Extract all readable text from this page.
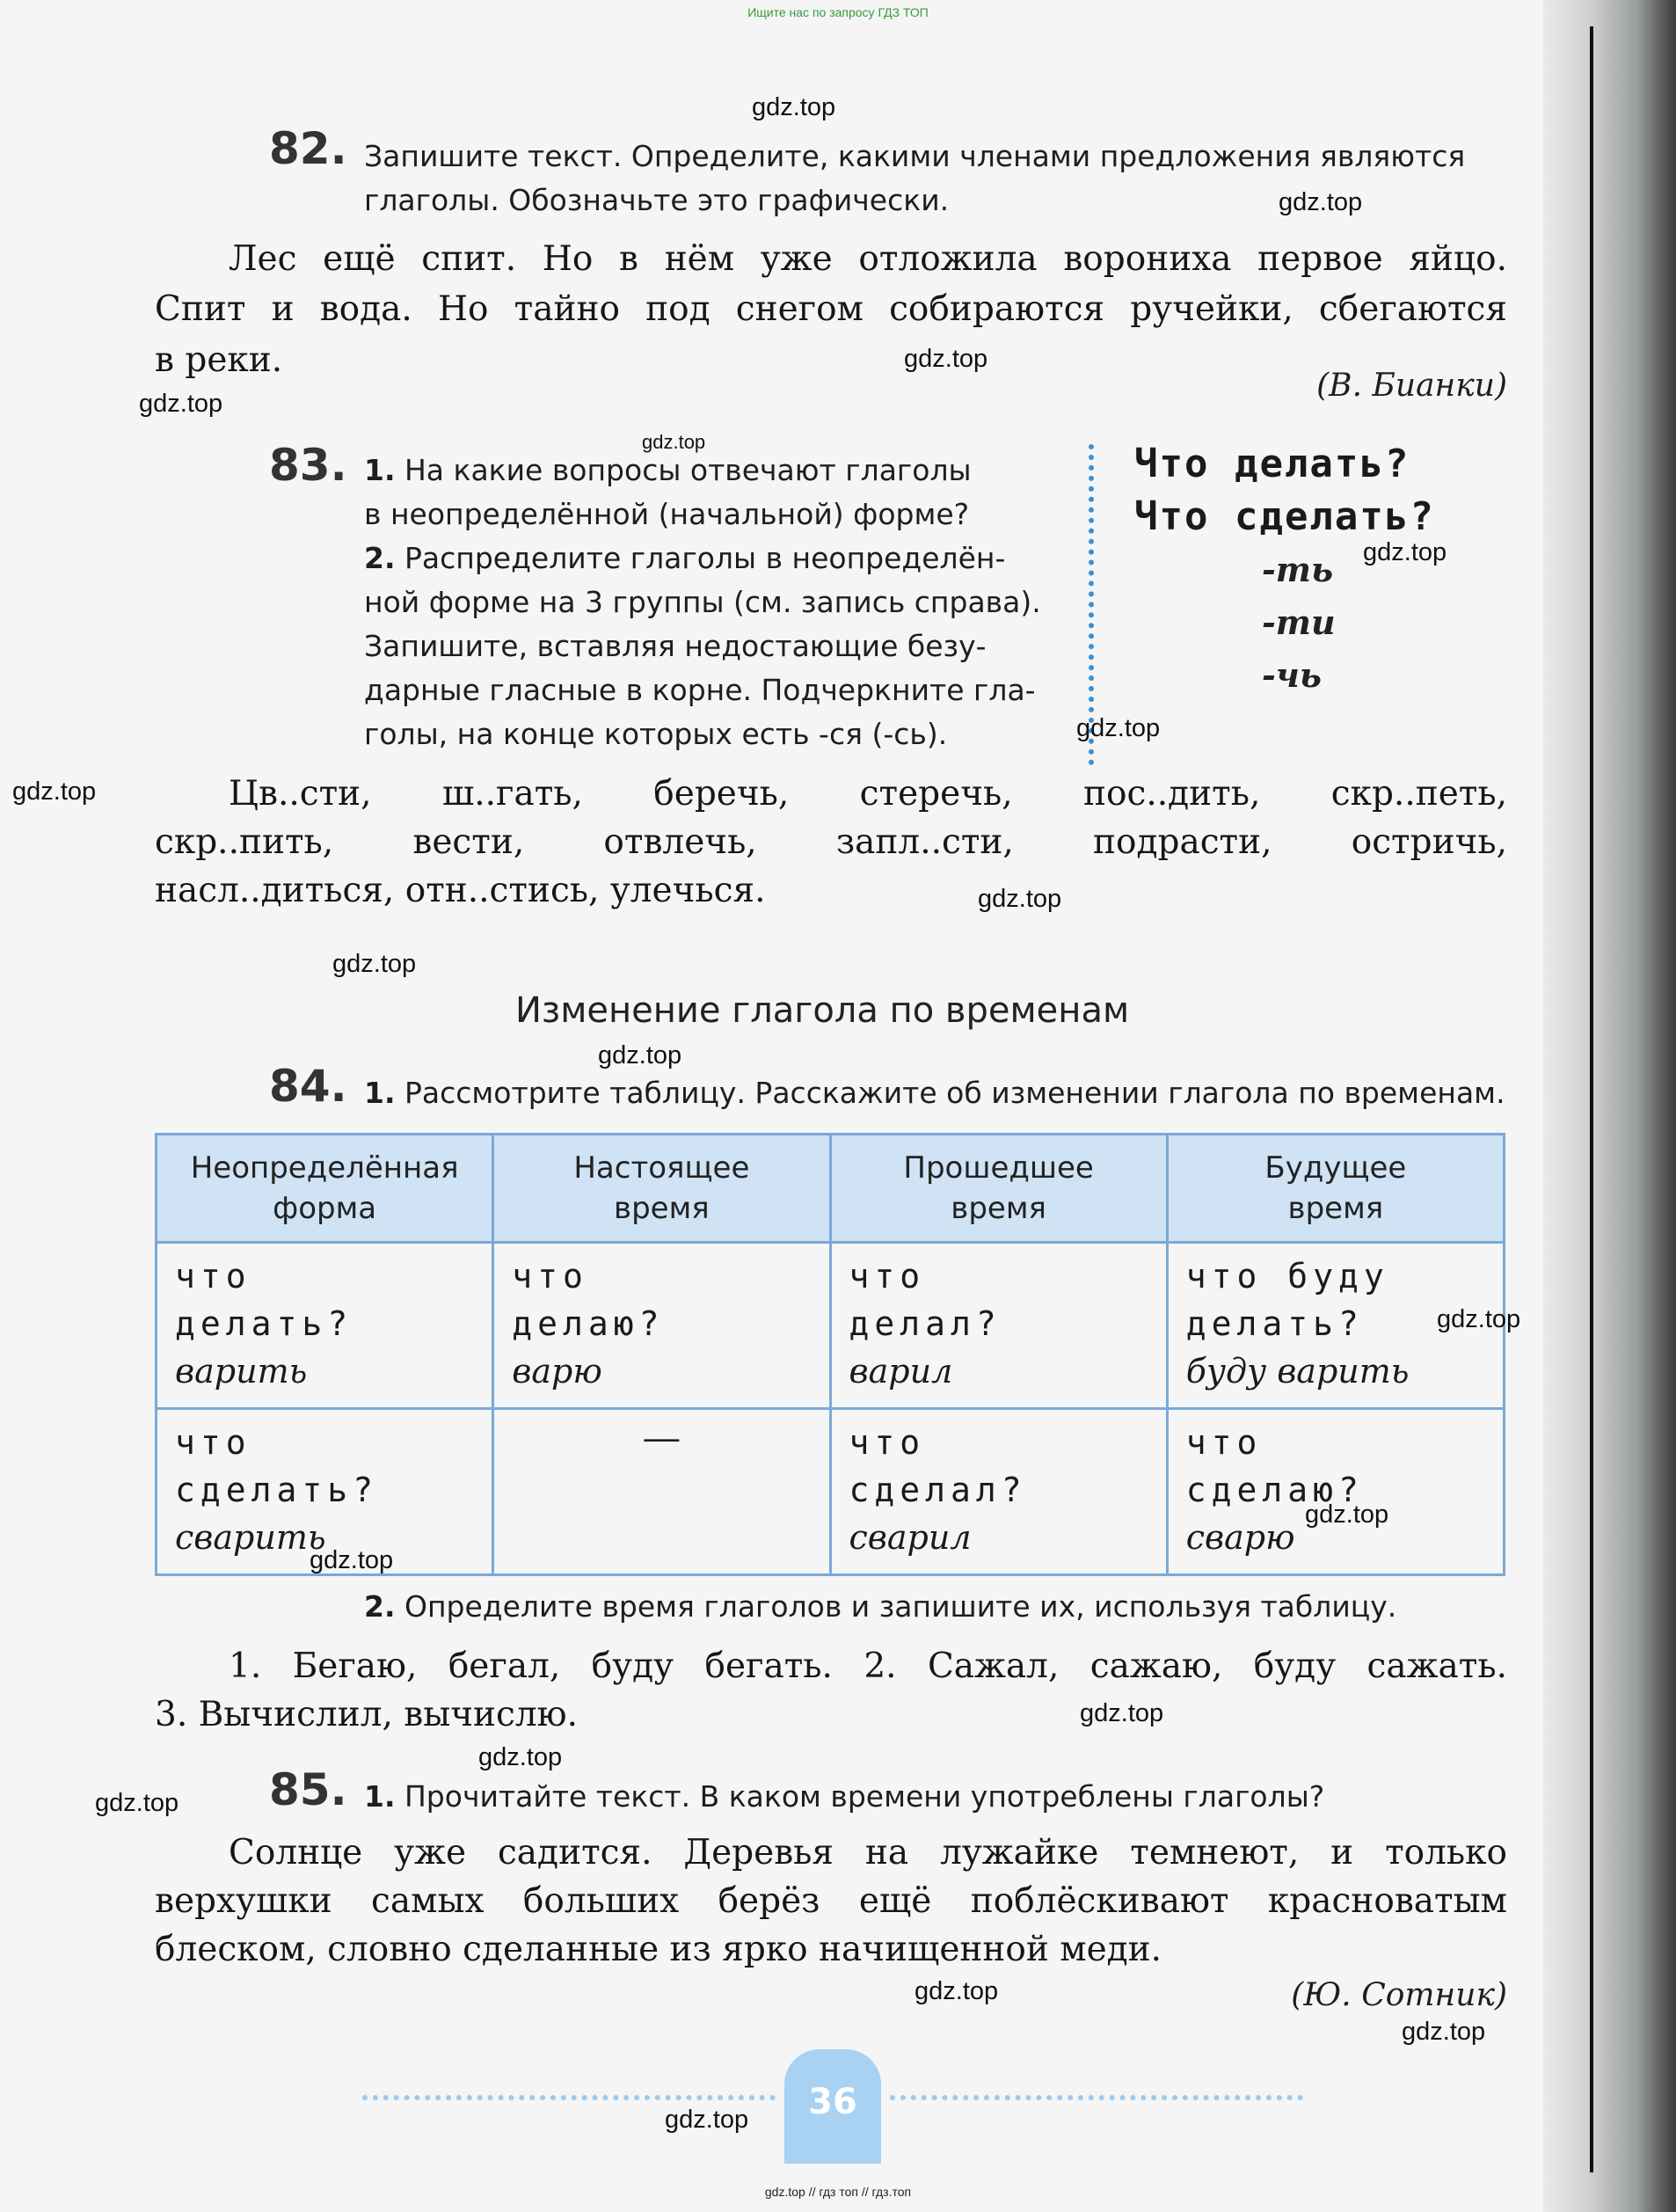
Ищите нас по запросу ГДЗ ТОП
82. Запишите текст. Определите, какими членами предложения являются
глаголы. Обозначьте это графически.
Лес ещё спит. Но в нём уже отложила ворониха первое яйцо.
Спит и вода. Но тайно под снегом собираются ручейки, сбегаются
в реки.
(В. Бианки)
83. 1. На какие вопросы отвечают глаголы
в неопределённой (начальной) форме?
2. Распределите глаголы в неопределён-
ной форме на 3 группы (см. запись справа).
Запишите, вставляя недостающие безу-
дарные гласные в корне. Подчеркните гла-
голы, на конце которых есть -ся (-сь).
Что делать?
Что сделать?
-ть
-ти
-чь
Цв..сти, ш..гать, беречь, стеречь, пос..дить, скр..петь,
скр..пить, вести, отвлечь, запл..сти, подрасти, остричь,
насл..диться, отн..стись, улечься.
Изменение глагола по временам
84. 1. Рассмотрите таблицу. Расскажите об изменении глагола по временам.
Неопределённая
форма	Настоящее
время	Прошедшее
время	Будущее
время

что
делать?
варить	что
делаю?
варю	что
делал?
варил	что буду
делать?
буду варить

что
сделать?
сварить	—	что
сделал?
сварил	что
сделаю?
сварю
2. Определите время глаголов и запишите их, используя таблицу.
1. Бегаю, бегал, буду бегать. 2. Сажал, сажаю, буду сажать.
3. Вычислил, вычислю.
85. 1. Прочитайте текст. В каком времени употреблены глаголы?
Солнце уже садится. Деревья на лужайке темнеют, и только
верхушки самых больших берёз ещё поблёскивают красноватым
блеском, словно сделанные из ярко начищенной меди.
(Ю. Сотник)
36
gdz.top
gdz.top
gdz.top
gdz.top
gdz.top
gdz.top
gdz.top
gdz.top
gdz.top
gdz.top
gdz.top
gdz.top
gdz.top
gdz.top
gdz.top
gdz.top
gdz.top
gdz.top
gdz.top
gdz.top
gdz.top // гдз топ // гдз.топ
